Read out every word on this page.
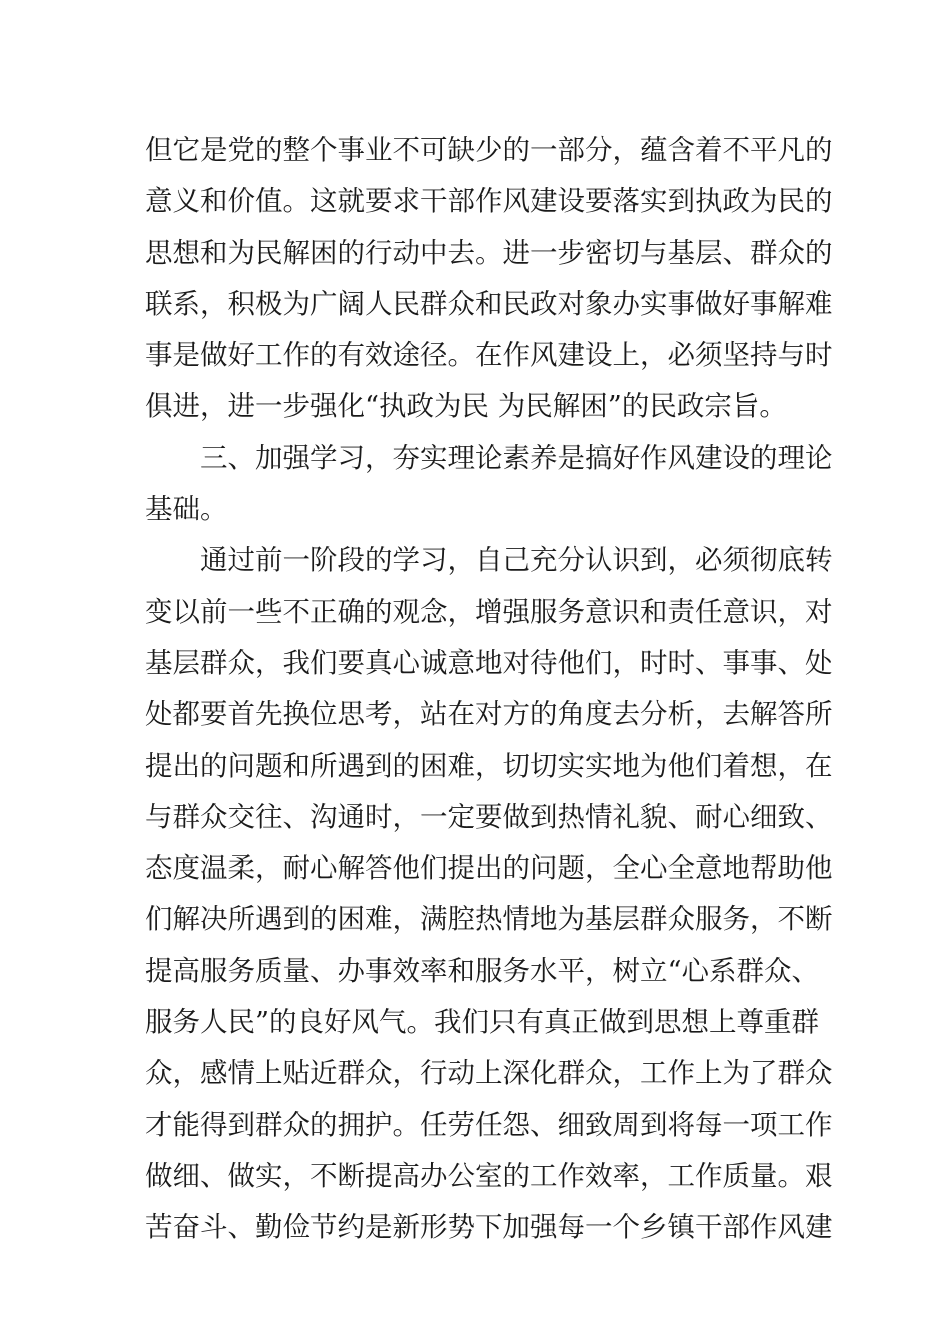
但它是党的整个事业不可缺少的一部分，蕴含着不平凡的
意义和价值。这就要求干部作风建设要落实到执政为民的
思想和为民解困的行动中去。进一步密切与基层、群众的
联系，积极为广阔人民群众和民政对象办实事做好事解难
事是做好工作的有效途径。在作风建设上，必须坚持与时
俱进，进一步强化“执政为民 为民解困”的民政宗旨。
三、加强学习，夯实理论素养是搞好作风建设的理论
基础。
通过前一阶段的学习，自己充分认识到，必须彻底转
变以前一些不正确的观念，增强服务意识和责任意识，对
基层群众，我们要真心诚意地对待他们，时时、事事、处
处都要首先换位思考，站在对方的角度去分析，去解答所
提出的问题和所遇到的困难，切切实实地为他们着想，在
与群众交往、沟通时，一定要做到热情礼貌、耐心细致、
态度温柔，耐心解答他们提出的问题，全心全意地帮助他
们解决所遇到的困难，满腔热情地为基层群众服务，不断
提高服务质量、办事效率和服务水平，树立“心系群众、
服务人民”的良好风气。我们只有真正做到思想上尊重群
众，感情上贴近群众，行动上深化群众，工作上为了群众
才能得到群众的拥护。任劳任怨、细致周到将每一项工作
做细、做实，不断提高办公室的工作效率，工作质量。艰
苦奋斗、勤俭节约是新形势下加强每一个乡镇干部作风建
